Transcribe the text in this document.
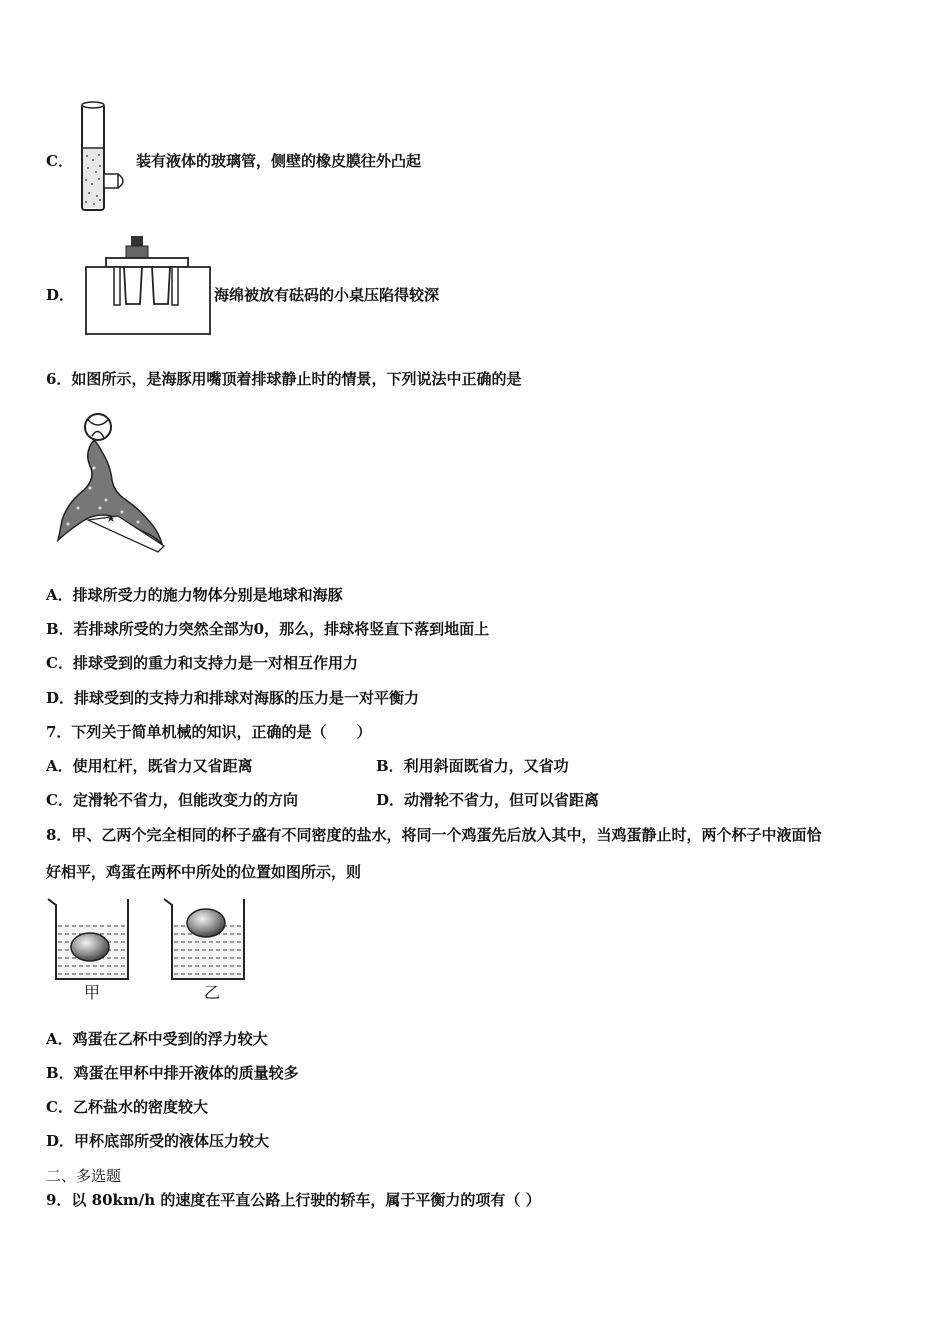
C．	装有液体的玻璃管，侧壁的橡皮膜往外凸起
D．	海绵被放有砝码的小桌压陷得较深
6．如图所示，是海豚用嘴顶着排球静止时的情景，下列说法中正确的是
A．排球所受力的施力物体分别是地球和海豚
B．若排球所受的力突然全部为0，那么，排球将竖直下落到地面上
C．排球受到的重力和支持力是一对相互作用力
D．排球受到的支持力和排球对海豚的压力是一对平衡力
7．下列关于简单机械的知识，正确的是（　　）
A．使用杠杆，既省力又省距离	B．利用斜面既省力，又省功
C．定滑轮不省力，但能改变力的方向	D．动滑轮不省力，但可以省距离
8．甲、乙两个完全相同的杯子盛有不同密度的盐水，将同一个鸡蛋先后放入其中，当鸡蛋静止时，两个杯子中液面恰
好相平，鸡蛋在两杯中所处的位置如图所示，则
甲	乙
A．鸡蛋在乙杯中受到的浮力较大
B．鸡蛋在甲杯中排开液体的质量较多
C．乙杯盐水的密度较大
D．甲杯底部所受的液体压力较大
二、多选题
9．以 80km/h 的速度在平直公路上行驶的轿车，属于平衡力的项有（ ）
